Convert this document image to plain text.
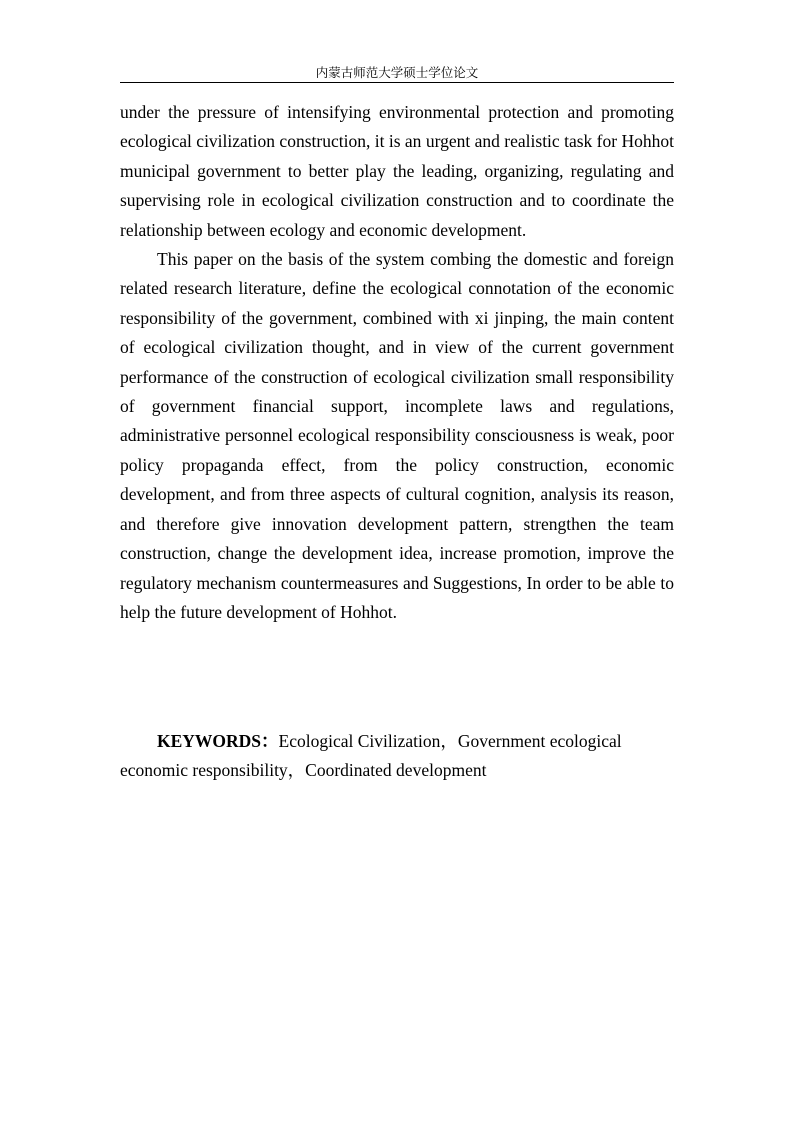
内蒙古师范大学硕士学位论文

under the pressure of intensifying environmental protection and promoting ecological civilization construction, it is an urgent and realistic task for Hohhot municipal government to better play the leading, organizing, regulating and supervising role in ecological civilization construction and to coordinate the relationship between ecology and economic development.

This paper on the basis of the system combing the domestic and foreign related research literature, define the ecological connotation of the economic responsibility of the government, combined with xi jinping, the main content of ecological civilization thought, and in view of the current government performance of the construction of ecological civilization small responsibility of government financial support, incomplete laws and regulations, administrative personnel ecological responsibility consciousness is weak, poor policy propaganda effect, from the policy construction, economic development, and from three aspects of cultural cognition, analysis its reason, and therefore give innovation development pattern, strengthen the team construction, change the development idea, increase promotion, improve the regulatory mechanism countermeasures and Suggestions, In order to be able to help the future development of Hohhot.

KEYWORDS：Ecological Civilization，Government ecological economic responsibility，Coordinated development
